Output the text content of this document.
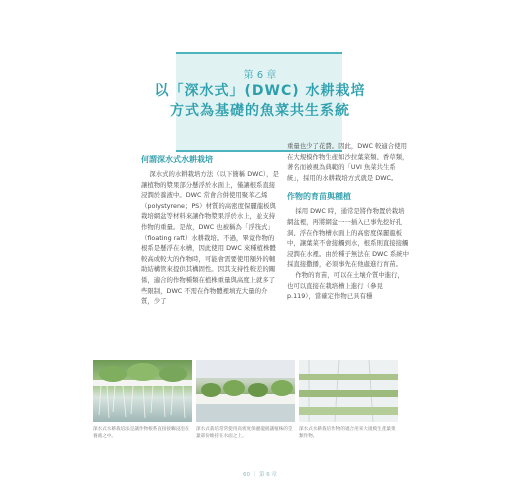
第 6 章
以「深水式」(DWC) 水耕栽培
方式為基礎的魚菜共生系統
何謂深水式水耕栽培

深水式的水耕栽培方法（以下簡稱 DWC），是讓植物的漿果部分懸浮於水面上，僅讓根系直接浸潤於養液中。DWC 常會合併使用聚苯乙烯（polystyrene；PS）材質的高密度保麗龍板與栽培網盆等材料來讓作物漿果浮於水上，並支持作物的重量。是故，DWC 也被稱為「浮筏式」（floating raft）水耕栽培。不過，畢竟作物的根系是懸浮在水槽，因此使用 DWC 來種植株體較高或較大的作物時，可能會需要使用額外的輔助結構管來提供其構固性。因其支持性較差的關係，適合的作物種類在植株重量與高度上就多了些限制，DWC 不需在作物體裡填充大量的介質，少了

重量也少了花費。因此，DWC 較適合使用在大規模作物生產如沙拉葉菜類、香草類，著名而被視為典範的「UVI 魚菜共生系統」，採用的水耕栽培方式就是 DWC。

作物的育苗與種植

採用 DWC 時，通常是將作物置於栽培網盆裡，再將網盆一一插入已事先挖好孔洞、浮在作物槽水面上的高密度保麗龍板中，讓葉菜不會接觸到水，根系則直接接觸浸潤在水裡。由於種子無法在 DWC 系統中採直接撒播，必須事先在他處進行育苗。

作物的育苗，可以在土壤介質中進行，也可以直接在栽培槽上進行（參見 p.119），當確定作物已具有穩

深水式水耕栽培法是讓作物根系直接接觸浸泡在養液之中。
深水式栽培常常使用高密度保麗龍板讓植株的莖葉部份維持在水面之上。
深水式水耕栽培作物的適合用來大規模生產葉菜類作物。
60 ｜ 第 6 章
